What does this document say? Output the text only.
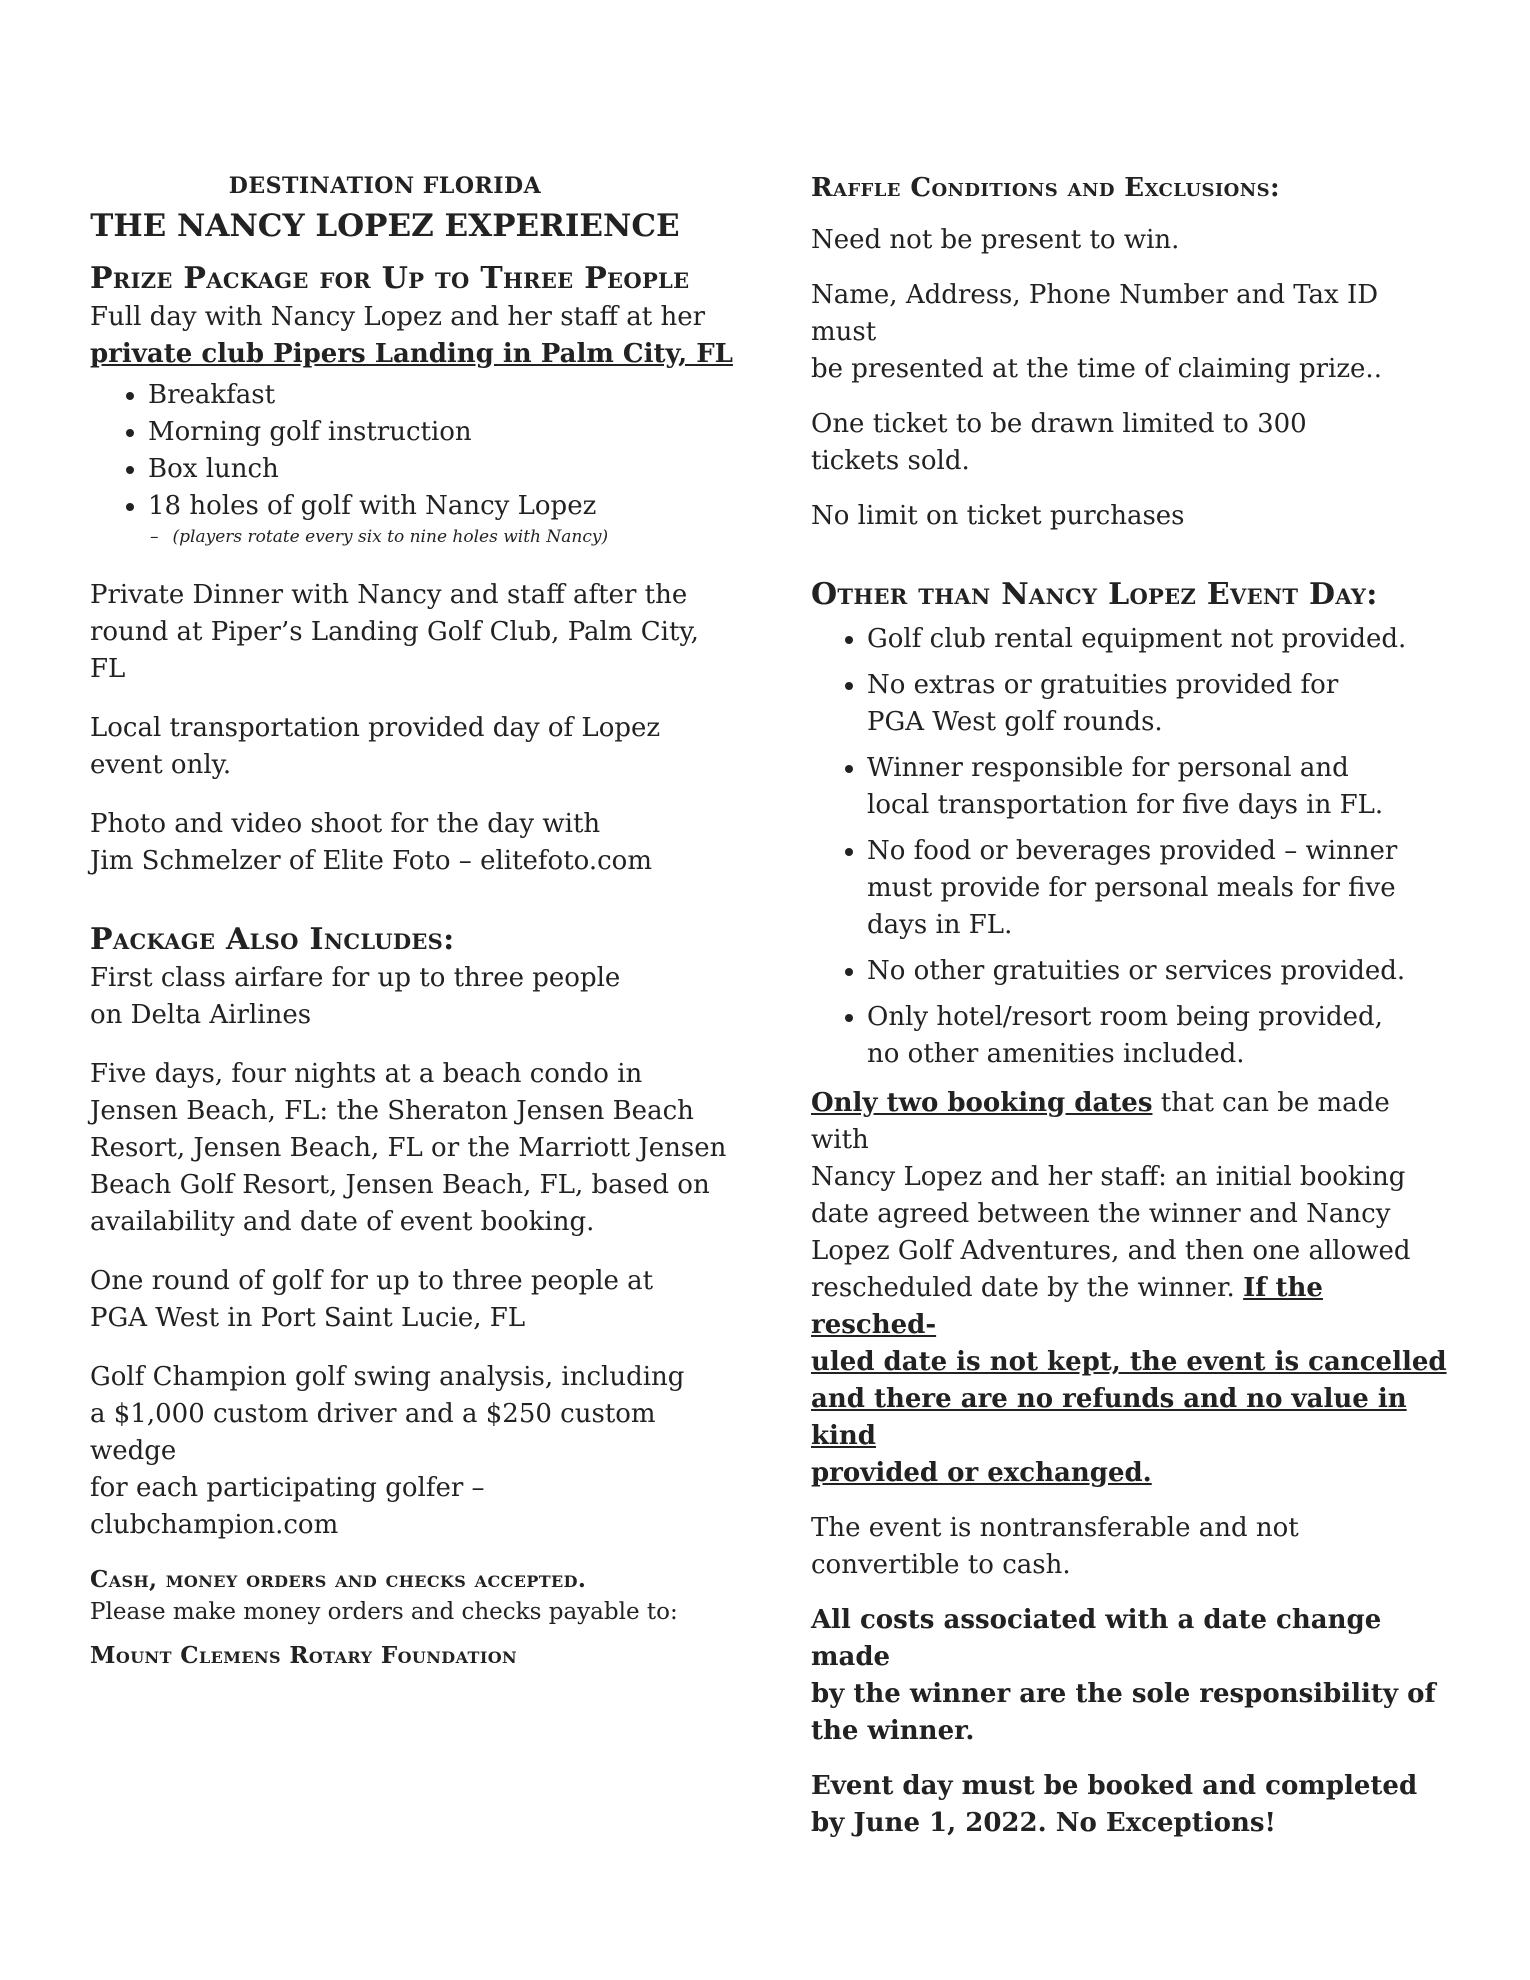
DESTINATION FLORIDA

THE NANCY LOPEZ EXPERIENCE

Prize Package for Up to Three People

Full day with Nancy Lopez and her staff at her

private club Pipers Landing in Palm City, FL

• Breakfast
• Morning golf instruction
• Box lunch
• 18 holes of golf with Nancy Lopez

– (players rotate every six to nine holes with Nancy)

Private Dinner with Nancy and staff after the

round at Piper’s Landing Golf Club, Palm City, FL

Local transportation provided day of Lopez

event only.

Photo and video shoot for the day with

Jim Schmelzer of Elite Foto – elitefoto.com

Package Also Includes:

First class airfare for up to three people

on Delta Airlines

Five days, four nights at a beach condo in

Jensen Beach, FL: the Sheraton Jensen Beach

Resort, Jensen Beach, FL or the Marriott Jensen

Beach Golf Resort, Jensen Beach, FL, based on

availability and date of event booking.

One round of golf for up to three people at

PGA West in Port Saint Lucie, FL

Golf Champion golf swing analysis, including

a $1,000 custom driver and a $250 custom wedge

for each participating golfer – clubchampion.com

Cash, money orders and checks accepted.

Please make money orders and checks payable to:

Mount Clemens Rotary Foundation

Raffle Conditions and Exclusions:

Need not be present to win.

Name, Address, Phone Number and Tax ID must

be presented at the time of claiming prize..

One ticket to be drawn limited to 300

tickets sold.

No limit on ticket purchases

Other than Nancy Lopez Event Day:

• Golf club rental equipment not provided.
• No extras or gratuities provided for
PGA West golf rounds.
• Winner responsible for personal and
local transportation for five days in FL.
• No food or beverages provided – winner
must provide for personal meals for five
days in FL.
• No other gratuities or services provided.
• Only hotel/resort room being provided,
no other amenities included.

Only two booking dates that can be made with

Nancy Lopez and her staff: an initial booking

date agreed between the winner and Nancy

Lopez Golf Adventures, and then one allowed

rescheduled date by the winner. If the resched-

uled date is not kept, the event is cancelled

and there are no refunds and no value in kind

provided or exchanged.

The event is nontransferable and not

convertible to cash.

All costs associated with a date change made

by the winner are the sole responsibility of

the winner.

Event day must be booked and completed

by June 1, 2022. No Exceptions!
